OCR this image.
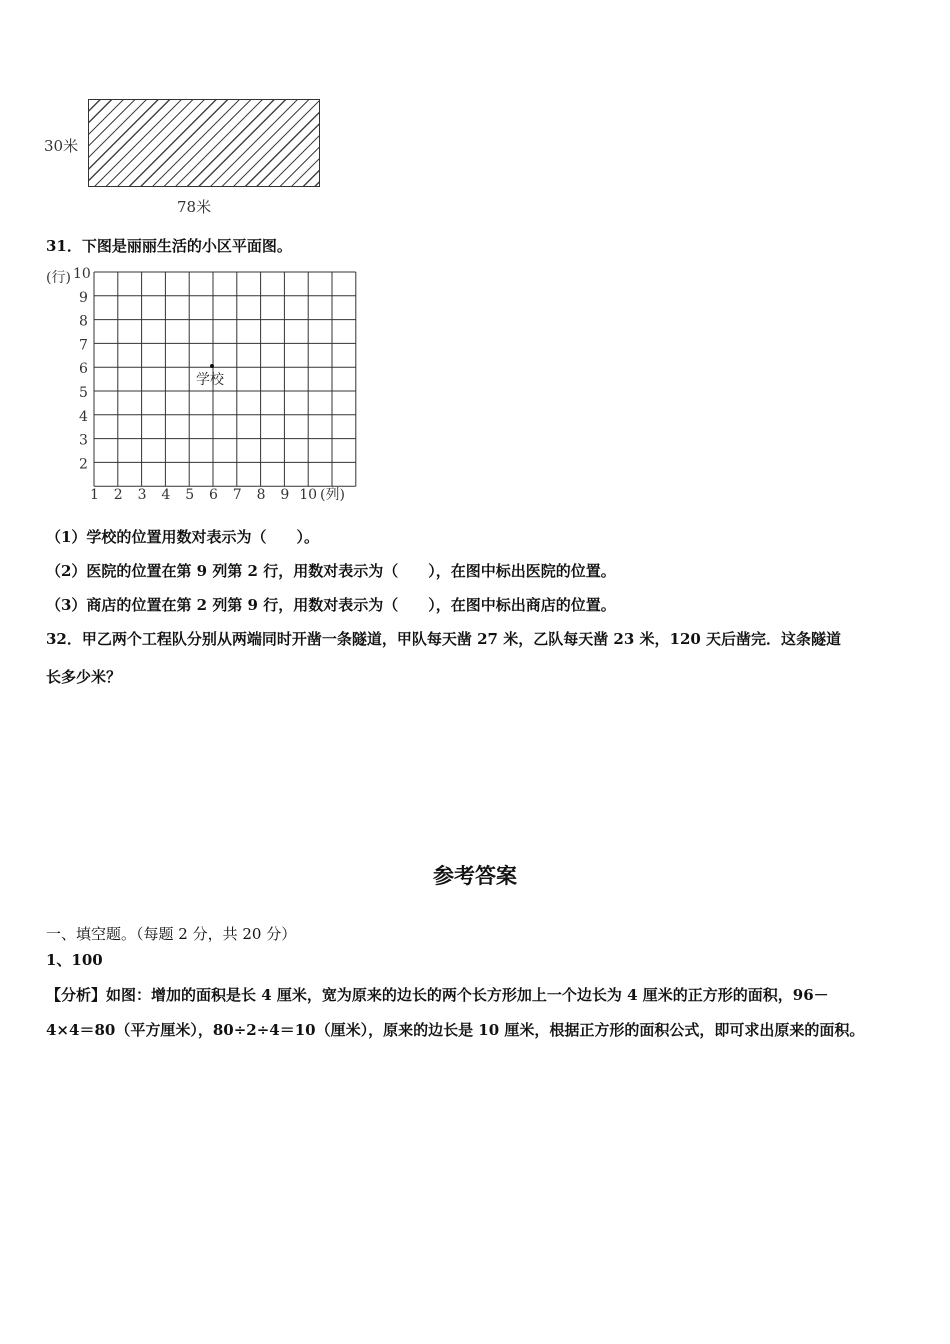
30米
78米
31．下图是丽丽生活的小区平面图。
(行) 10
9
8
7
6
5
4
3
2
1 2 3 4 5 6 7 8 9 10 (列)
学校
（1）学校的位置用数对表示为（　　）。
（2）医院的位置在第 9 列第 2 行，用数对表示为（　　），在图中标出医院的位置。
（3）商店的位置在第 2 列第 9 行，用数对表示为（　　），在图中标出商店的位置。
32．甲乙两个工程队分别从两端同时开凿一条隧道，甲队每天凿 27 米，乙队每天凿 23 米，120 天后凿完．这条隧道
长多少米？
参考答案
一、填空题。（每题 2 分，共 20 分）
1、100
【分析】如图：增加的面积是长 4 厘米，宽为原来的边长的两个长方形加上一个边长为 4 厘米的正方形的面积，96－
4×4＝80（平方厘米），80÷2÷4＝10（厘米），原来的边长是 10 厘米，根据正方形的面积公式，即可求出原来的面积。
